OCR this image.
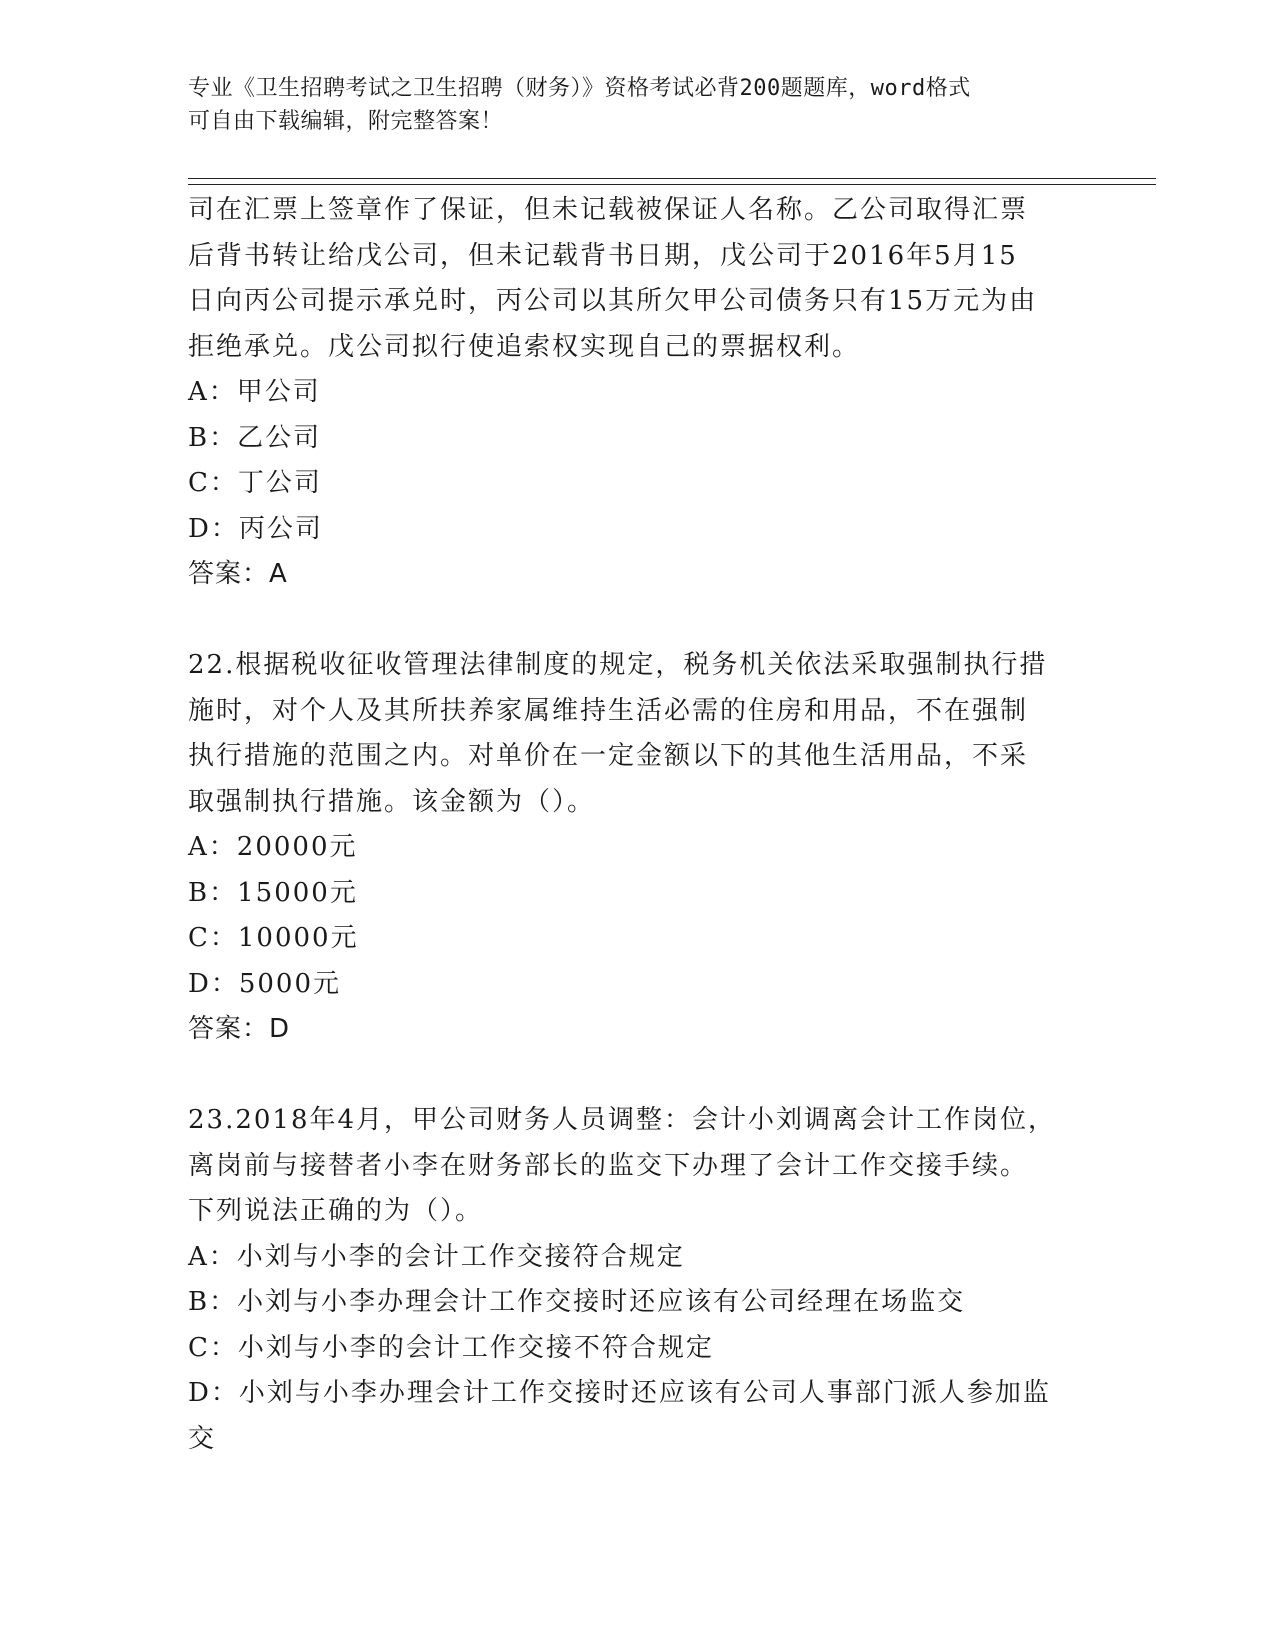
专业《卫生招聘考试之卫生招聘（财务）》资格考试必背200题题库，word格式
可自由下载编辑，附完整答案！

司在汇票上签章作了保证，但未记载被保证人名称。乙公司取得汇票

后背书转让给戊公司，但未记载背书日期，戊公司于2016年5月15

日向丙公司提示承兑时，丙公司以其所欠甲公司债务只有15万元为由

拒绝承兑。戊公司拟行使追索权实现自己的票据权利。

A：甲公司

B：乙公司

C：丁公司

D：丙公司

答案：A

22.根据税收征收管理法律制度的规定，税务机关依法采取强制执行措

施时，对个人及其所扶养家属维持生活必需的住房和用品，不在强制

执行措施的范围之内。对单价在一定金额以下的其他生活用品，不采

取强制执行措施。该金额为（）。

A：20000元

B：15000元

C：10000元

D：5000元

答案：D

23.2018年4月，甲公司财务人员调整：会计小刘调离会计工作岗位，

离岗前与接替者小李在财务部长的监交下办理了会计工作交接手续。

下列说法正确的为（）。

A：小刘与小李的会计工作交接符合规定

B：小刘与小李办理会计工作交接时还应该有公司经理在场监交

C：小刘与小李的会计工作交接不符合规定

D：小刘与小李办理会计工作交接时还应该有公司人事部门派人参加监

交
